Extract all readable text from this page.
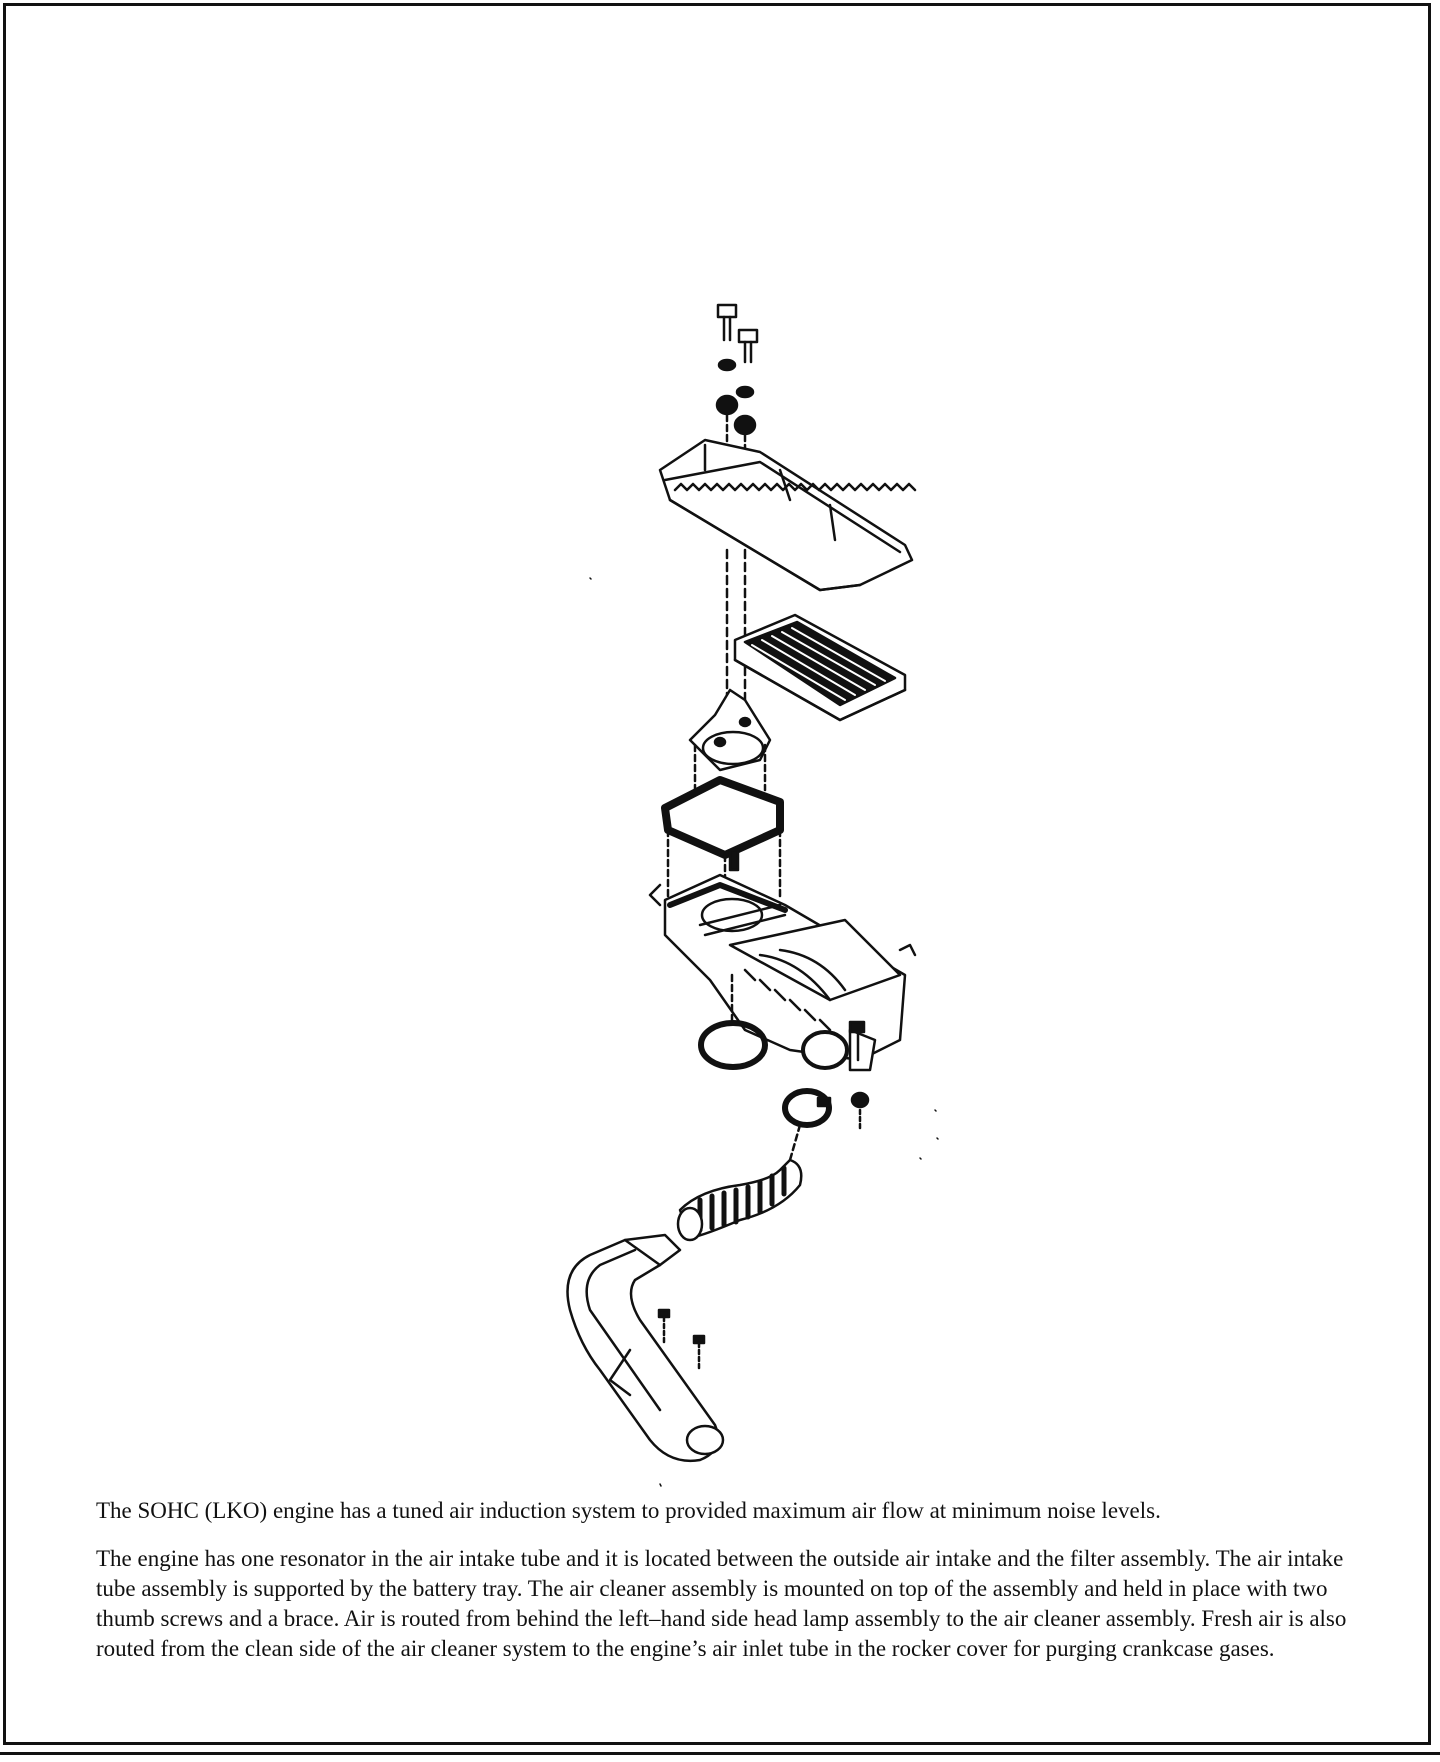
The SOHC (LKO) engine has a tuned air induction system to provided maximum air flow at minimum noise levels.

The engine has one resonator in the air intake tube and it is located between the outside air intake and the filter assembly. The air intake tube assembly is supported by the battery tray. The air cleaner assembly is mounted on top of the assembly and held in place with two thumb screws and a brace. Air is routed from behind the left–hand side head lamp assembly to the air cleaner assembly. Fresh air is also routed from the clean side of the air cleaner system to the engine’s air inlet tube in the rocker cover for purging crankcase gases.
